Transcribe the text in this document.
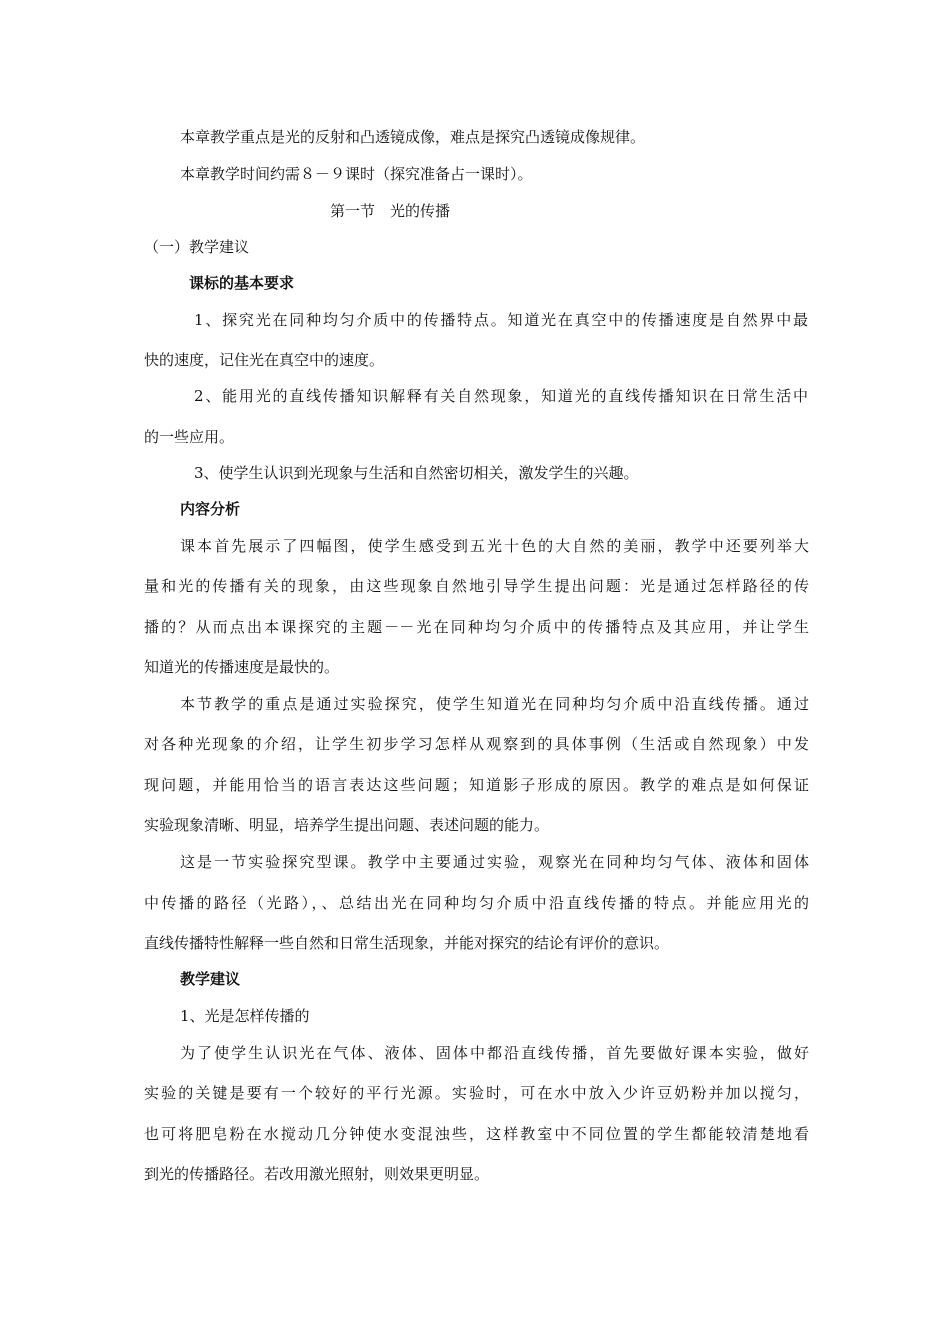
本章教学重点是光的反射和凸透镜成像，难点是探究凸透镜成像规律。
本章教学时间约需８－９课时（探究准备占一课时）。
第一节　光的传播
（一）教学建议
课标的基本要求
1、探究光在同种均匀介质中的传播特点。知道光在真空中的传播速度是自然界中最
快的速度，记住光在真空中的速度。
2、能用光的直线传播知识解释有关自然现象，知道光的直线传播知识在日常生活中
的一些应用。
3、使学生认识到光现象与生活和自然密切相关，激发学生的兴趣。
内容分析
课本首先展示了四幅图，使学生感受到五光十色的大自然的美丽，教学中还要列举大
量和光的传播有关的现象，由这些现象自然地引导学生提出问题：光是通过怎样路径的传
播的？从而点出本课探究的主题－－光在同种均匀介质中的传播特点及其应用，并让学生
知道光的传播速度是最快的。
本节教学的重点是通过实验探究，使学生知道光在同种均匀介质中沿直线传播。通过
对各种光现象的介绍，让学生初步学习怎样从观察到的具体事例（生活或自然现象）中发
现问题，并能用恰当的语言表达这些问题；知道影子形成的原因。教学的难点是如何保证
实验现象清晰、明显，培养学生提出问题、表述问题的能力。
这是一节实验探究型课。教学中主要通过实验，观察光在同种均匀气体、液体和固体
中传播的路径（光路），、总结出光在同种均匀介质中沿直线传播的特点。并能应用光的
直线传播特性解释一些自然和日常生活现象，并能对探究的结论有评价的意识。
教学建议
1、光是怎样传播的
为了使学生认识光在气体、液体、固体中都沿直线传播，首先要做好课本实验，做好
实验的关键是要有一个较好的平行光源。实验时，可在水中放入少许豆奶粉并加以搅匀，
也可将肥皂粉在水搅动几分钟使水变混浊些，这样教室中不同位置的学生都能较清楚地看
到光的传播路径。若改用激光照射，则效果更明显。
